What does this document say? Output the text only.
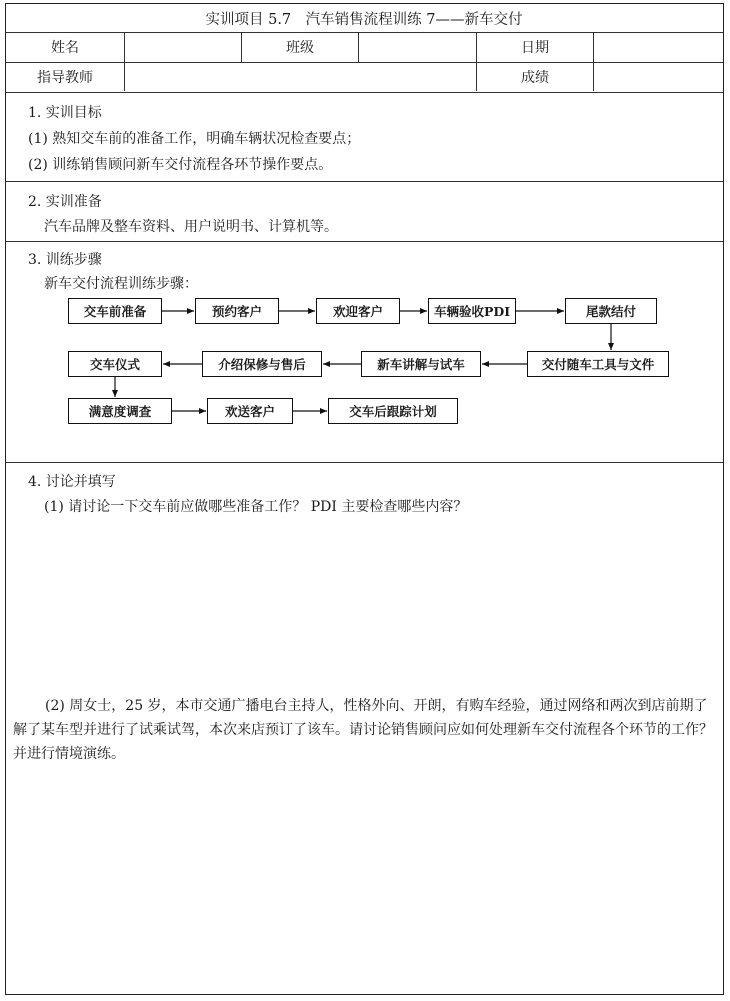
实训项目 5.7　汽车销售流程训练 7——新车交付
姓名	班级	日期
指导教师	成绩
1. 实训目标
(1) 熟知交车前的准备工作，明确车辆状况检查要点；
(2) 训练销售顾问新车交付流程各环节操作要点。
2. 实训准备
汽车品牌及整车资料、用户说明书、计算机等。
3. 训练步骤
新车交付流程训练步骤：
交车前准备	预约客户	欢迎客户	车辆验收PDI	尾款结付
交车仪式	介绍保修与售后	新车讲解与试车	交付随车工具与文件
满意度调查	欢送客户	交车后跟踪计划
4. 讨论并填写
(1) 请讨论一下交车前应做哪些准备工作？ PDI 主要检查哪些内容？
(2) 周女士，25 岁，本市交通广播电台主持人，性格外向、开朗，有购车经验，通过网络和两次到店前期了解了某车型并进行了试乘试驾，本次来店预订了该车。请讨论销售顾问应如何处理新车交付流程各个环节的工作？并进行情境演练。
